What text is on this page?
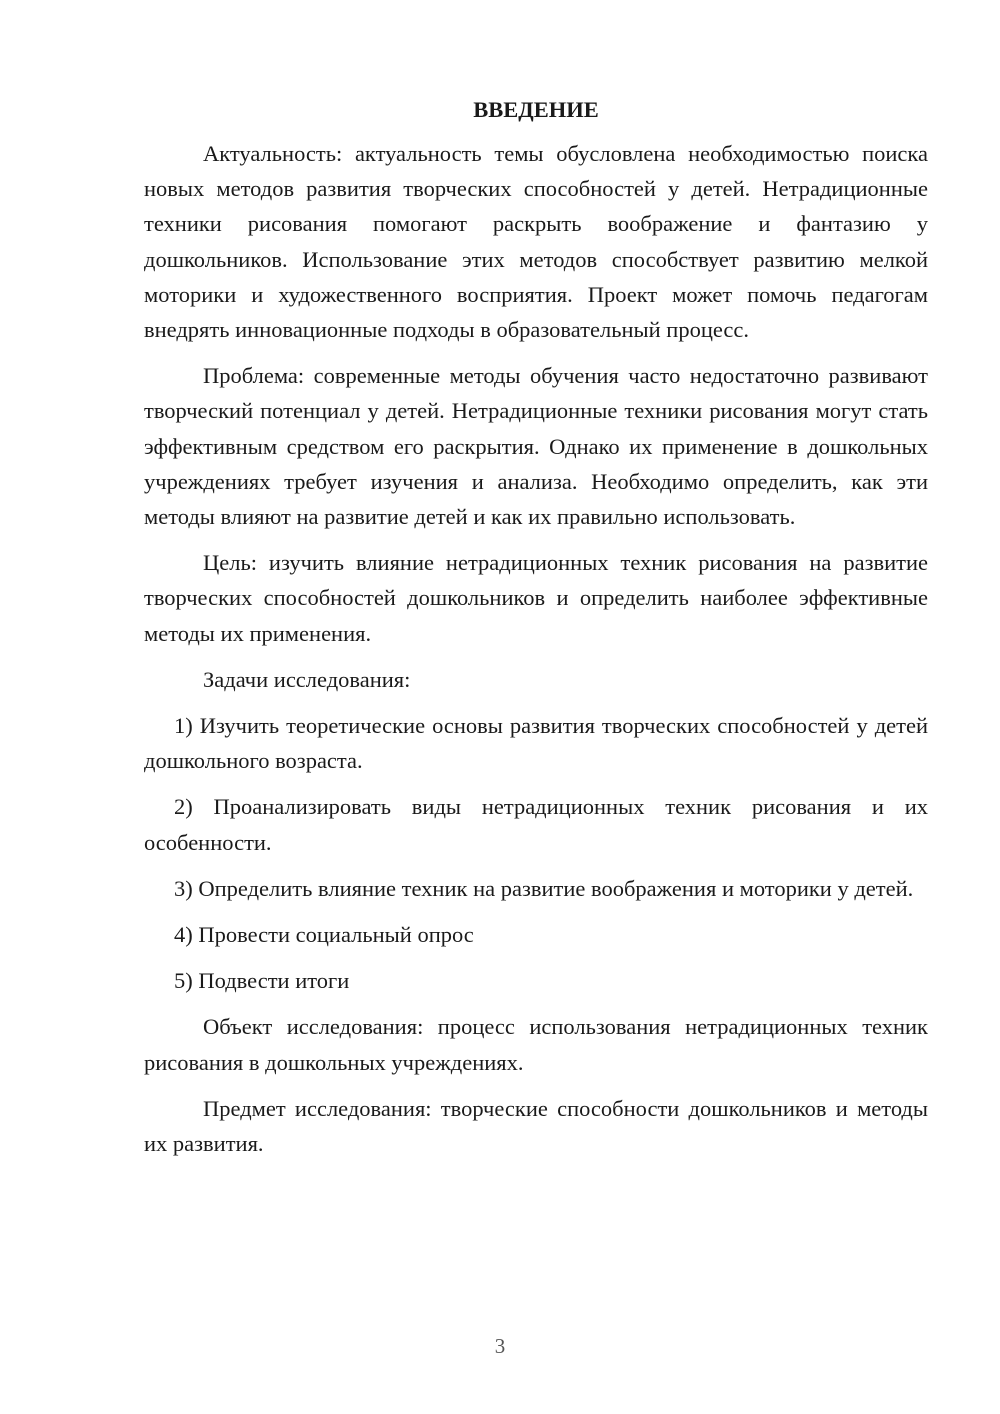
ВВЕДЕНИЕ

Актуальность: актуальность темы обусловлена необходимостью поиска новых методов развития творческих способностей у детей. Нетрадиционные техники рисования помогают раскрыть воображение и фантазию у дошкольников. Использование этих методов способствует развитию мелкой моторики и художественного восприятия. Проект может помочь педагогам внедрять инновационные подходы в образовательный процесс.

Проблема: современные методы обучения часто недостаточно развивают творческий потенциал у детей. Нетрадиционные техники рисования могут стать эффективным средством его раскрытия. Однако их применение в дошкольных учреждениях требует изучения и анализа. Необходимо определить, как эти методы влияют на развитие детей и как их правильно использовать.

Цель: изучить влияние нетрадиционных техник рисования на развитие творческих способностей дошкольников и определить наиболее эффективные методы их применения.

Задачи исследования:

1) Изучить теоретические основы развития творческих способностей у детей дошкольного возраста.

2) Проанализировать виды нетрадиционных техник рисования и их особенности.

3) Определить влияние техник на развитие воображения и моторики у детей.

4) Провести социальный опрос

5) Подвести итоги

Объект исследования: процесс использования нетрадиционных техник рисования в дошкольных учреждениях.

Предмет исследования: творческие способности дошкольников и методы их развития.

3
